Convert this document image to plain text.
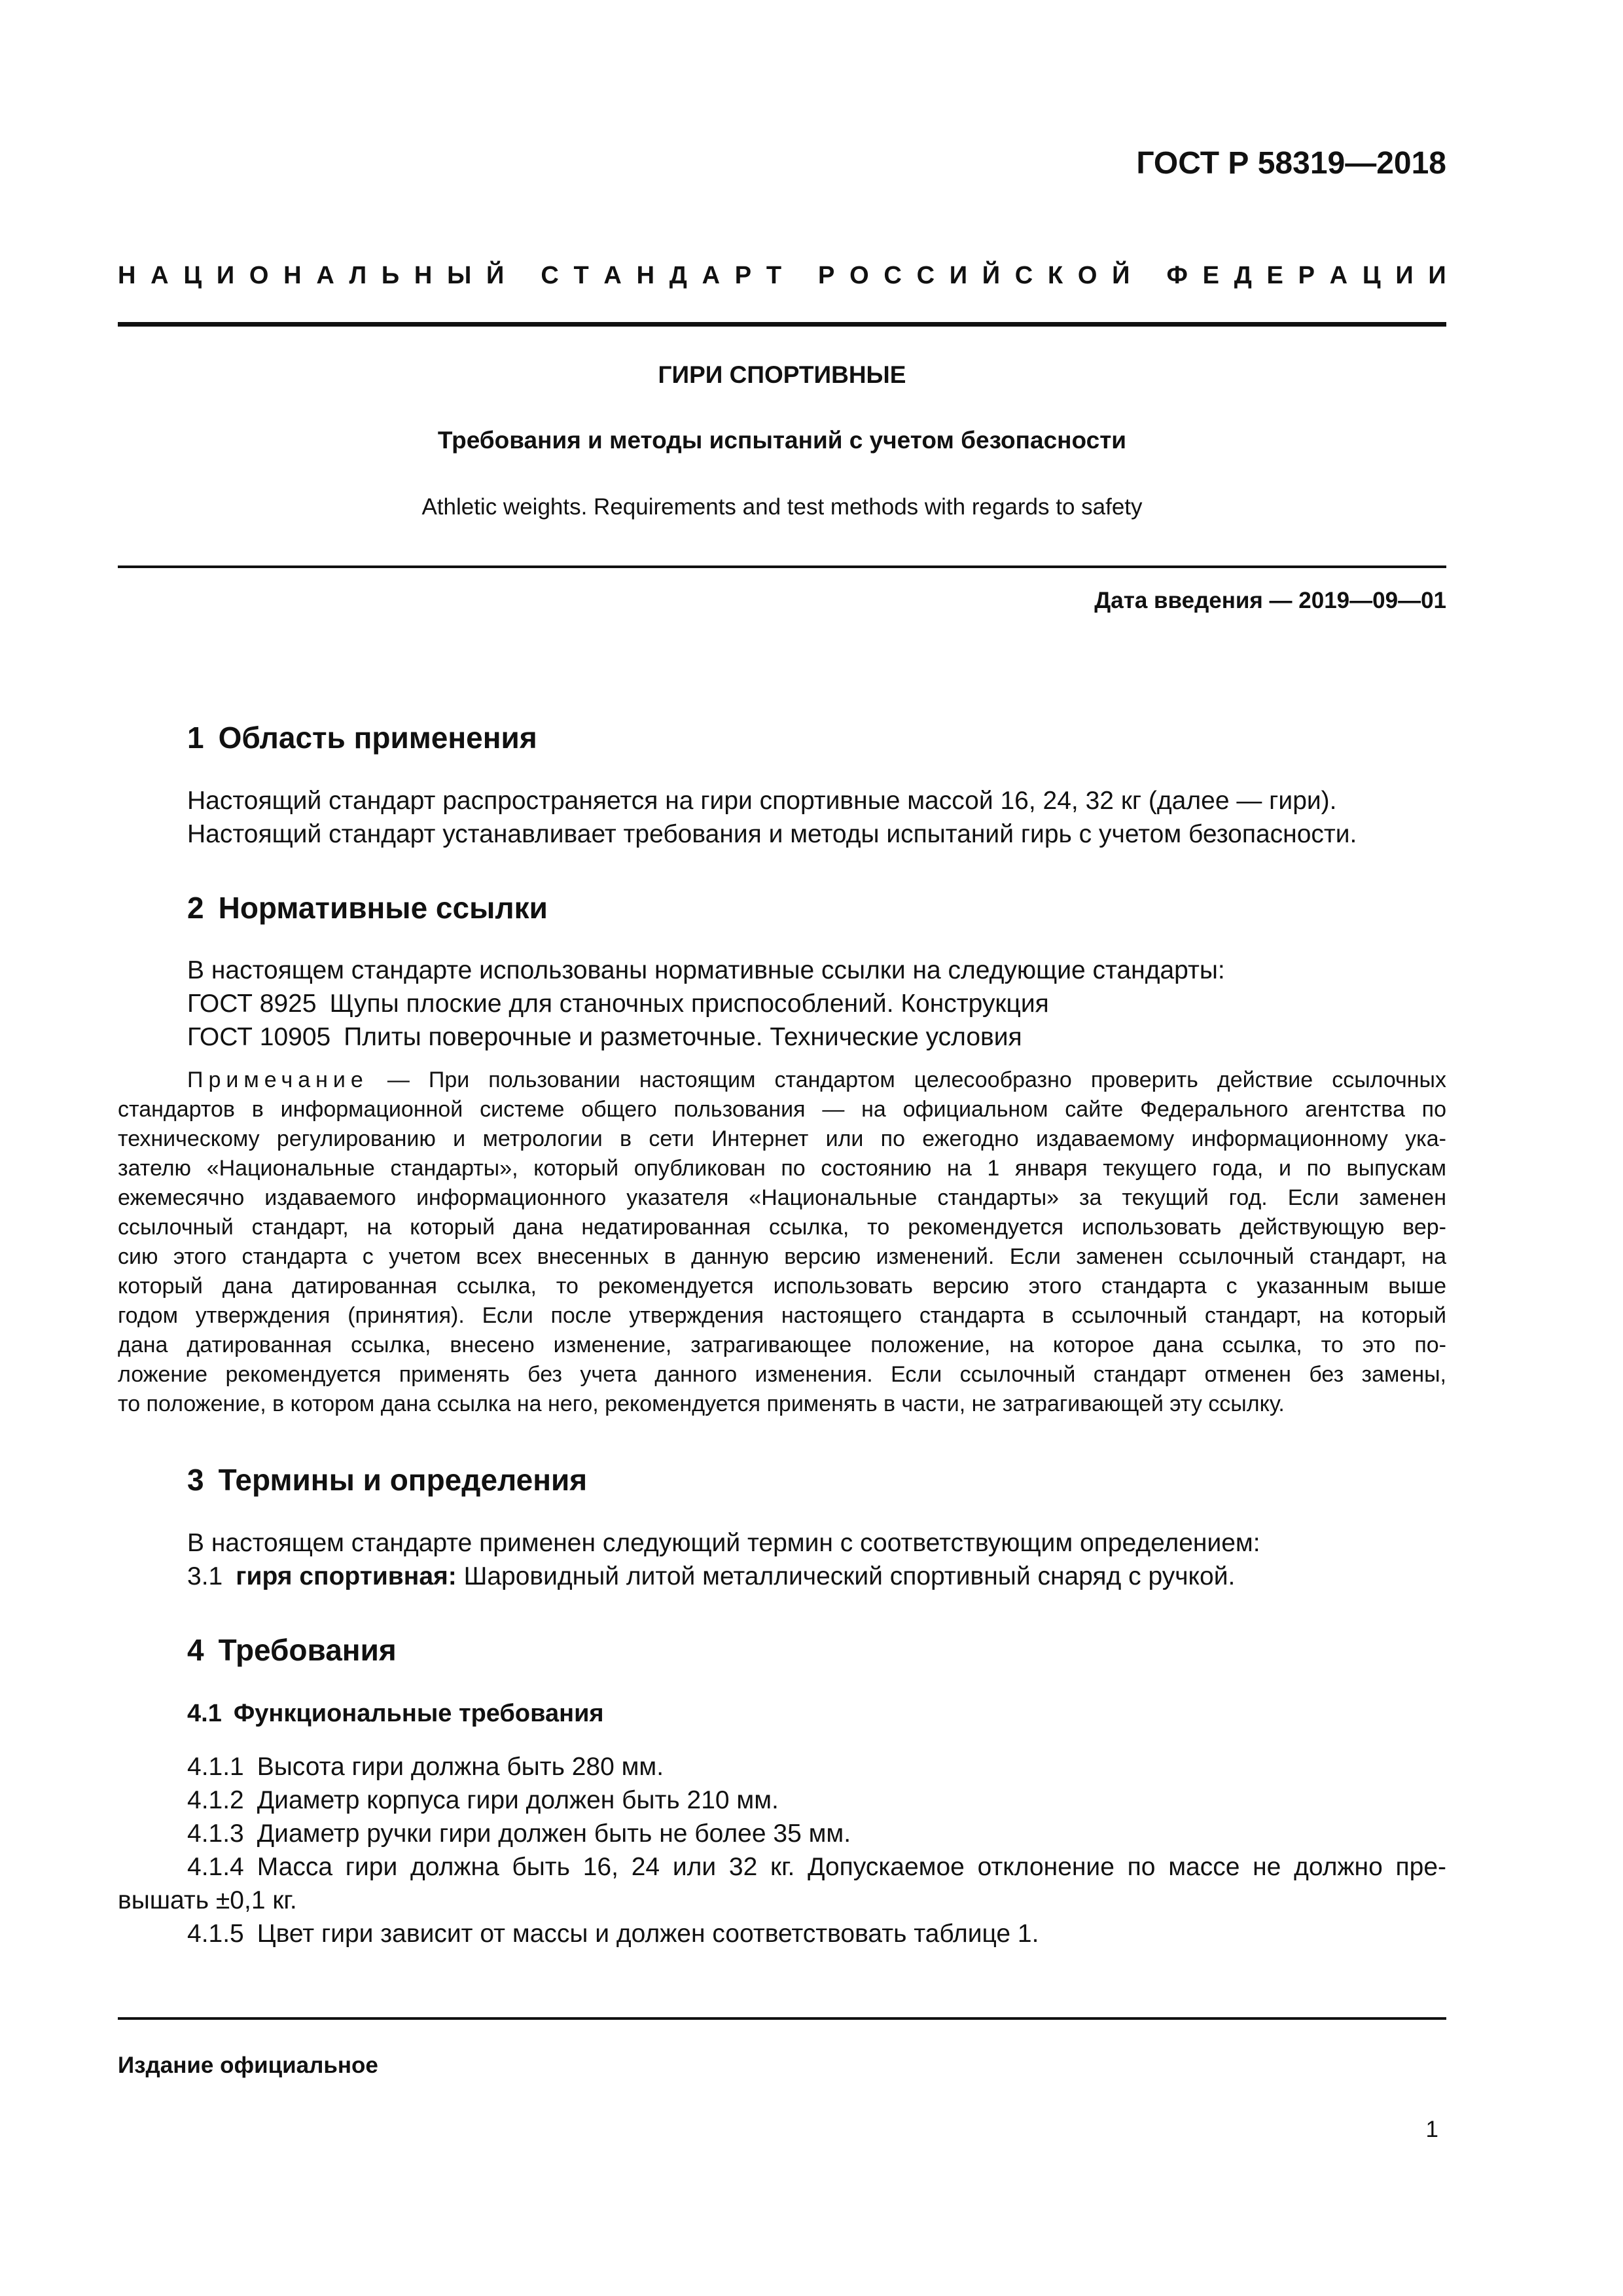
ГОСТ Р 58319—2018
Н А Ц И О Н А Л Ь Н Ы Й
С Т А Н Д А Р Т
Р О С С И Й С К О Й
Ф Е Д Е Р А Ц И И
ГИРИ СПОРТИВНЫЕ
Требования и методы испытаний с учетом безопасности
Athletic weights. Requirements and test methods with regards to safety
Дата введения — 2019—09—01
1 Область применения
Настоящий стандарт распространяется на гири спортивные массой 16, 24, 32 кг (далее — гири).
Настоящий стандарт устанавливает требования и методы испытаний гирь с учетом безопасности.
2 Нормативные ссылки
В настоящем стандарте использованы нормативные ссылки на следующие стандарты:
ГОСТ 8925 Щупы плоские для станочных приспособлений. Конструкция
ГОСТ 10905 Плиты поверочные и разметочные. Технические условия
Примечание — При пользовании настоящим стандартом целесообразно проверить действие ссылочных
стандартов в информационной системе общего пользования — на официальном сайте Федерального агентства по
техническому регулированию и метрологии в сети Интернет или по ежегодно издаваемому информационному ука-
зателю «Национальные стандарты», который опубликован по состоянию на 1 января текущего года, и по выпускам
ежемесячно издаваемого информационного указателя «Национальные стандарты» за текущий год. Если заменен
ссылочный стандарт, на который дана недатированная ссылка, то рекомендуется использовать действующую вер-
сию этого стандарта с учетом всех внесенных в данную версию изменений. Если заменен ссылочный стандарт, на
который дана датированная ссылка, то рекомендуется использовать версию этого стандарта с указанным выше
годом утверждения (принятия). Если после утверждения настоящего стандарта в ссылочный стандарт, на который
дана датированная ссылка, внесено изменение, затрагивающее положение, на которое дана ссылка, то это по-
ложение рекомендуется применять без учета данного изменения. Если ссылочный стандарт отменен без замены,
то положение, в котором дана ссылка на него, рекомендуется применять в части, не затрагивающей эту ссылку.
3 Термины и определения
В настоящем стандарте применен следующий термин с соответствующим определением:
3.1 гиря спортивная: Шаровидный литой металлический спортивный снаряд с ручкой.
4 Требования
4.1 Функциональные требования
4.1.1 Высота гири должна быть 280 мм.
4.1.2 Диаметр корпуса гири должен быть 210 мм.
4.1.3 Диаметр ручки гири должен быть не более 35 мм.
4.1.4 Масса гири должна быть 16, 24 или 32 кг. Допускаемое отклонение по массе не должно пре-
вышать ±0,1 кг.
4.1.5 Цвет гири зависит от массы и должен соответствовать таблице 1.
Издание официальное
1
